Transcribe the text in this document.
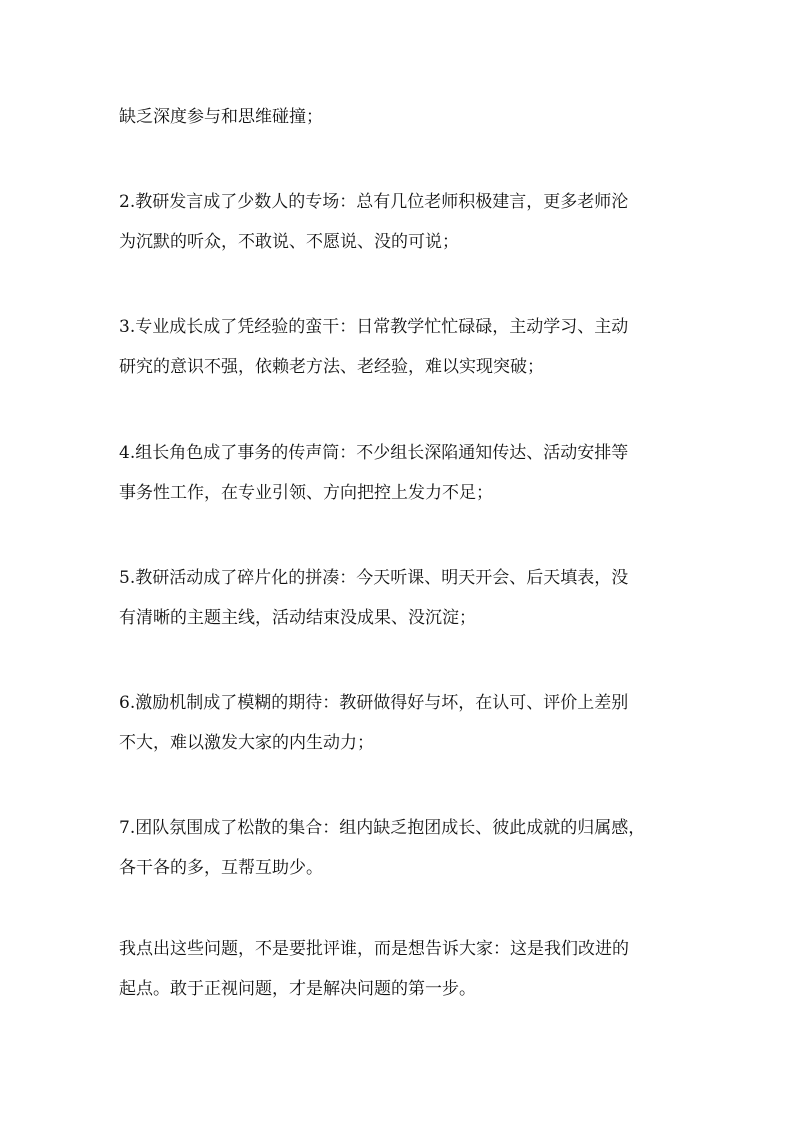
缺乏深度参与和思维碰撞；

2.教研发言成了少数人的专场：总有几位老师积极建言，更多老师沦
为沉默的听众，不敢说、不愿说、没的可说；

3.专业成长成了凭经验的蛮干：日常教学忙忙碌碌，主动学习、主动
研究的意识不强，依赖老方法、老经验，难以实现突破；

4.组长角色成了事务的传声筒：不少组长深陷通知传达、活动安排等
事务性工作，在专业引领、方向把控上发力不足；

5.教研活动成了碎片化的拼凑：今天听课、明天开会、后天填表，没
有清晰的主题主线，活动结束没成果、没沉淀；

6.激励机制成了模糊的期待：教研做得好与坏，在认可、评价上差别
不大，难以激发大家的内生动力；

7.团队氛围成了松散的集合：组内缺乏抱团成长、彼此成就的归属感，
各干各的多，互帮互助少。

我点出这些问题，不是要批评谁，而是想告诉大家：这是我们改进的
起点。敢于正视问题，才是解决问题的第一步。
